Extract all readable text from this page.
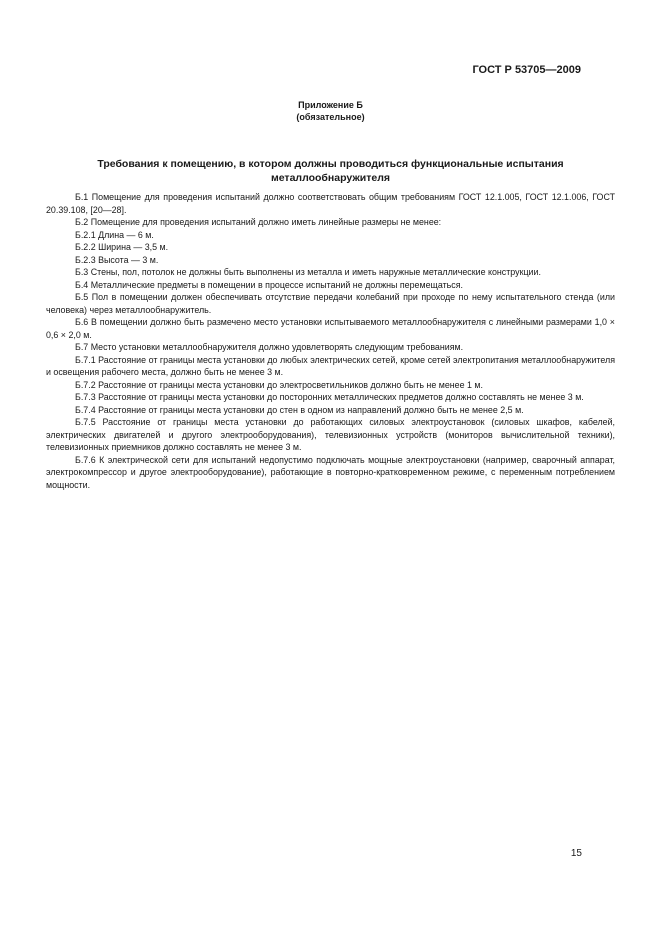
ГОСТ Р 53705—2009
Приложение Б
(обязательное)
Требования к помещению, в котором должны проводиться функциональные испытания металлообнаружителя

Б.1 Помещение для проведения испытаний должно соответствовать общим требованиям ГОСТ 12.1.005, ГОСТ 12.1.006, ГОСТ 20.39.108, [20—28].

Б.2 Помещение для проведения испытаний должно иметь линейные размеры не менее:

Б.2.1 Длина — 6 м.

Б.2.2 Ширина — 3,5 м.

Б.2.3 Высота — 3 м.

Б.3 Стены, пол, потолок не должны быть выполнены из металла и иметь наружные металлические конструкции.

Б.4 Металлические предметы в помещении в процессе испытаний не должны перемещаться.

Б.5 Пол в помещении должен обеспечивать отсутствие передачи колебаний при проходе по нему испытательного стенда (или человека) через металлообнаружитель.

Б.6 В помещении должно быть размечено место установки испытываемого металлообнаружителя с линейными размерами 1,0 × 0,6 × 2,0 м.

Б.7 Место установки металлообнаружителя должно удовлетворять следующим требованиям.

Б.7.1 Расстояние от границы места установки до любых электрических сетей, кроме сетей электропитания металлообнаружителя и освещения рабочего места, должно быть не менее 3 м.

Б.7.2 Расстояние от границы места установки до электросветильников должно быть не менее 1 м.

Б.7.3 Расстояние от границы места установки до посторонних металлических предметов должно составлять не менее 3 м.

Б.7.4 Расстояние от границы места установки до стен в одном из направлений должно быть не менее 2,5 м.

Б.7.5 Расстояние от границы места установки до работающих силовых электроустановок (силовых шкафов, кабелей, электрических двигателей и другого электрооборудования), телевизионных устройств (мониторов вычислительной техники), телевизионных приемников должно составлять не менее 3 м.

Б.7.6 К электрической сети для испытаний недопустимо подключать мощные электроустановки (например, сварочный аппарат, электрокомпрессор и другое электрооборудование), работающие в повторно-кратковременном режиме, с переменным потреблением мощности.

15
